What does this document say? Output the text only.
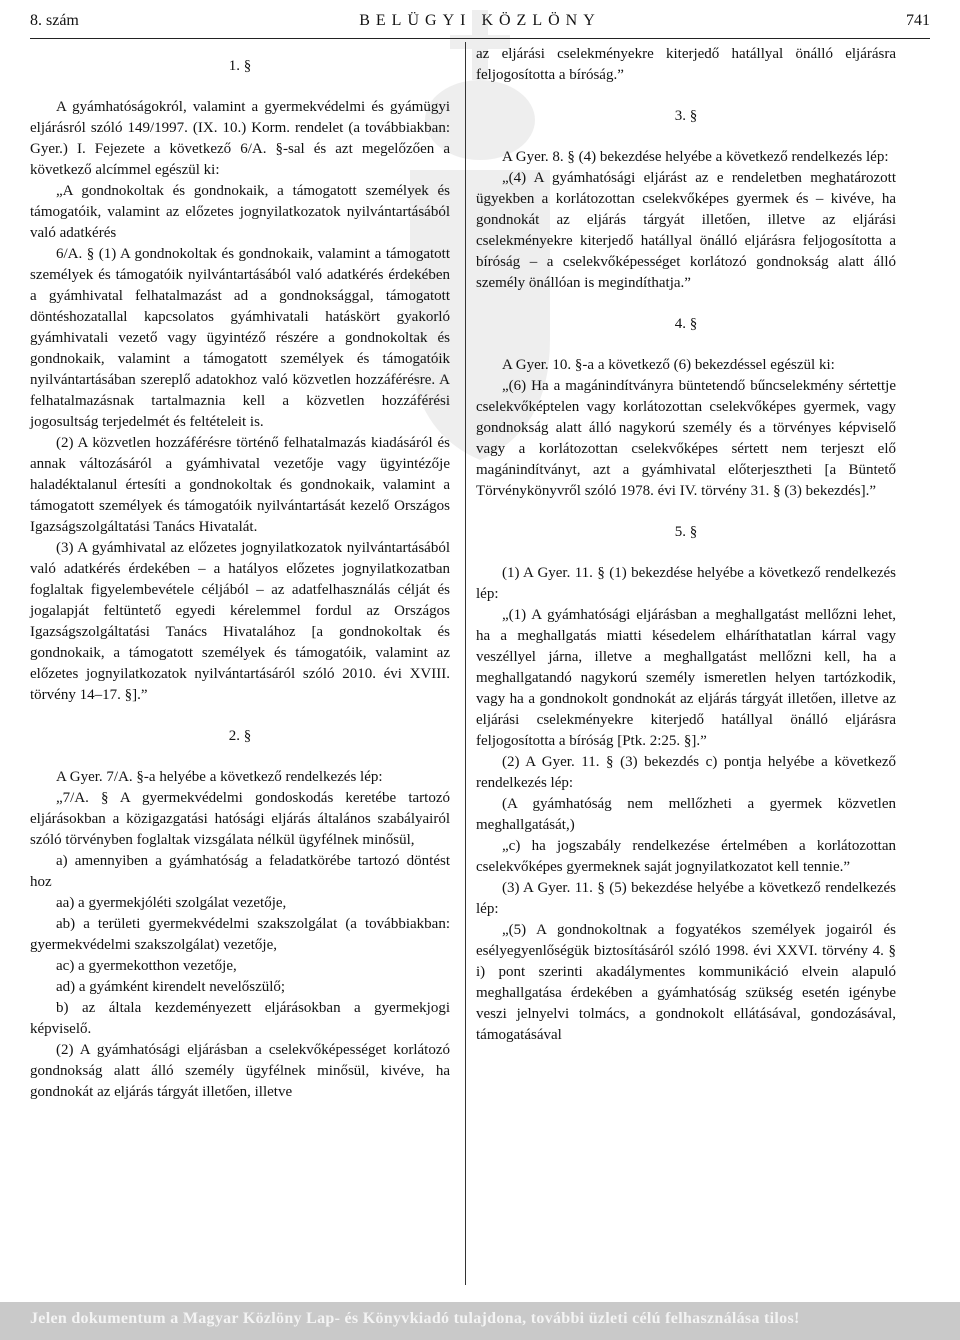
8. szám	BELÜGYI KÖZLÖNY	741

1. §

A gyámhatóságokról, valamint a gyermekvédelmi és gyámügyi eljárásról szóló 149/1997. (IX. 10.) Korm. rendelet (a továbbiakban: Gyer.) I. Fejezete a következő 6/A. §-sal és azt megelőzően a következő alcímmel egészül ki:

„A gondnokoltak és gondnokaik, a támogatott személyek és támogatóik, valamint az előzetes jognyilatkozatok nyilvántartásából való adatkérés

6/A. § (1) A gondnokoltak és gondnokaik, valamint a támogatott személyek és támogatóik nyilvántartásából való adatkérés érdekében a gyámhivatal felhatalmazást ad a gondnoksággal, támogatott döntéshozatallal kapcsolatos gyámhivatali hatáskört gyakorló gyámhivatali vezető vagy ügyintéző részére a gondnokoltak és gondnokaik, valamint a támogatott személyek és támogatóik nyilvántartásában szereplő adatokhoz való közvetlen hozzáférésre. A felhatalmazásnak tartalmaznia kell a közvetlen hozzáférési jogosultság terjedelmét és feltételeit is.

(2) A közvetlen hozzáférésre történő felhatalmazás kiadásáról és annak változásáról a gyámhivatal vezetője vagy ügyintézője haladéktalanul értesíti a gondnokoltak és gondnokaik, valamint a támogatott személyek és támogatóik nyilvántartását kezelő Országos Igazságszolgáltatási Tanács Hivatalát.

(3) A gyámhivatal az előzetes jognyilatkozatok nyilvántartásából való adatkérés érdekében – a hatályos előzetes jognyilatkozatban foglaltak figyelembevétele céljából – az adatfelhasználás célját és jogalapját feltüntető egyedi kérelemmel fordul az Országos Igazságszolgáltatási Tanács Hivatalához [a gondnokoltak és gondnokaik, a támogatott személyek és támogatóik, valamint az előzetes jognyilatkozatok nyilvántartásáról szóló 2010. évi XVIII. törvény 14–17. §].”

2. §

A Gyer. 7/A. §-a helyébe a következő rendelkezés lép:

„7/A. § A gyermekvédelmi gondoskodás keretébe tartozó eljárásokban a közigazgatási hatósági eljárás általános szabályairól szóló törvényben foglaltak vizsgálata nélkül ügyfélnek minősül,

a) amennyiben a gyámhatóság a feladatkörébe tartozó döntést hoz

aa) a gyermekjóléti szolgálat vezetője,

ab) a területi gyermekvédelmi szakszolgálat (a továbbiakban: gyermekvédelmi szakszolgálat) vezetője,

ac) a gyermekotthon vezetője,

ad) a gyámként kirendelt nevelőszülő;

b) az általa kezdeményezett eljárásokban a gyermekjogi képviselő.

(2) A gyámhatósági eljárásban a cselekvőképességet korlátozó gondnokság alatt álló személy ügyfélnek minősül, kivéve, ha gondnokát az eljárás tárgyát illetően, illetve

az eljárási cselekményekre kiterjedő hatállyal önálló eljárásra feljogosította a bíróság.”

3. §

A Gyer. 8. § (4) bekezdése helyébe a következő rendelkezés lép:

„(4) A gyámhatósági eljárást az e rendeletben meghatározott ügyekben a korlátozottan cselekvőképes gyermek és – kivéve, ha gondnokát az eljárás tárgyát illetően, illetve az eljárási cselekményekre kiterjedő hatállyal önálló eljárásra feljogosította a bíróság – a cselekvőképességet korlátozó gondnokság alatt álló személy önállóan is megindíthatja.”

4. §

A Gyer. 10. §-a a következő (6) bekezdéssel egészül ki:

„(6) Ha a magánindítványra büntetendő bűncselekmény sértettje cselekvőképtelen vagy korlátozottan cselekvőképes gyermek, vagy gondnokság alatt álló nagykorú személy és a törvényes képviselő vagy a korlátozottan cselekvőképes sértett nem terjeszt elő magánindítványt, azt a gyámhivatal előterjesztheti [a Büntető Törvénykönyvről szóló 1978. évi IV. törvény 31. § (3) bekezdés].”

5. §

(1) A Gyer. 11. § (1) bekezdése helyébe a következő rendelkezés lép:

„(1) A gyámhatósági eljárásban a meghallgatást mellőzni lehet, ha a meghallgatás miatti késedelem elháríthatatlan kárral vagy veszéllyel járna, illetve a meghallgatást mellőzni kell, ha a meghallgatandó nagykorú személy ismeretlen helyen tartózkodik, vagy ha a gondnokolt gondnokát az eljárás tárgyát illetően, illetve az eljárási cselekményekre kiterjedő hatállyal önálló eljárásra feljogosította a bíróság [Ptk. 2:25. §].”

(2) A Gyer. 11. § (3) bekezdés c) pontja helyébe a következő rendelkezés lép:

(A gyámhatóság nem mellőzheti a gyermek közvetlen meghallgatását,)

„c) ha jogszabály rendelkezése értelmében a korlátozottan cselekvőképes gyermeknek saját jognyilatkozatot kell tennie.”

(3) A Gyer. 11. § (5) bekezdése helyébe a következő rendelkezés lép:

„(5) A gondnokoltnak a fogyatékos személyek jogairól és esélyegyenlőségük biztosításáról szóló 1998. évi XXVI. törvény 4. § i) pont szerinti akadálymentes kommunikáció elvein alapuló meghallgatása érdekében a gyámhatóság szükség esetén igénybe veszi jelnyelvi tolmács, a gondnokolt ellátásával, gondozásával, támogatásával

Jelen dokumentum a Magyar Közlöny Lap- és Könyvkiadó tulajdona, további üzleti célú felhasználása tilos!
